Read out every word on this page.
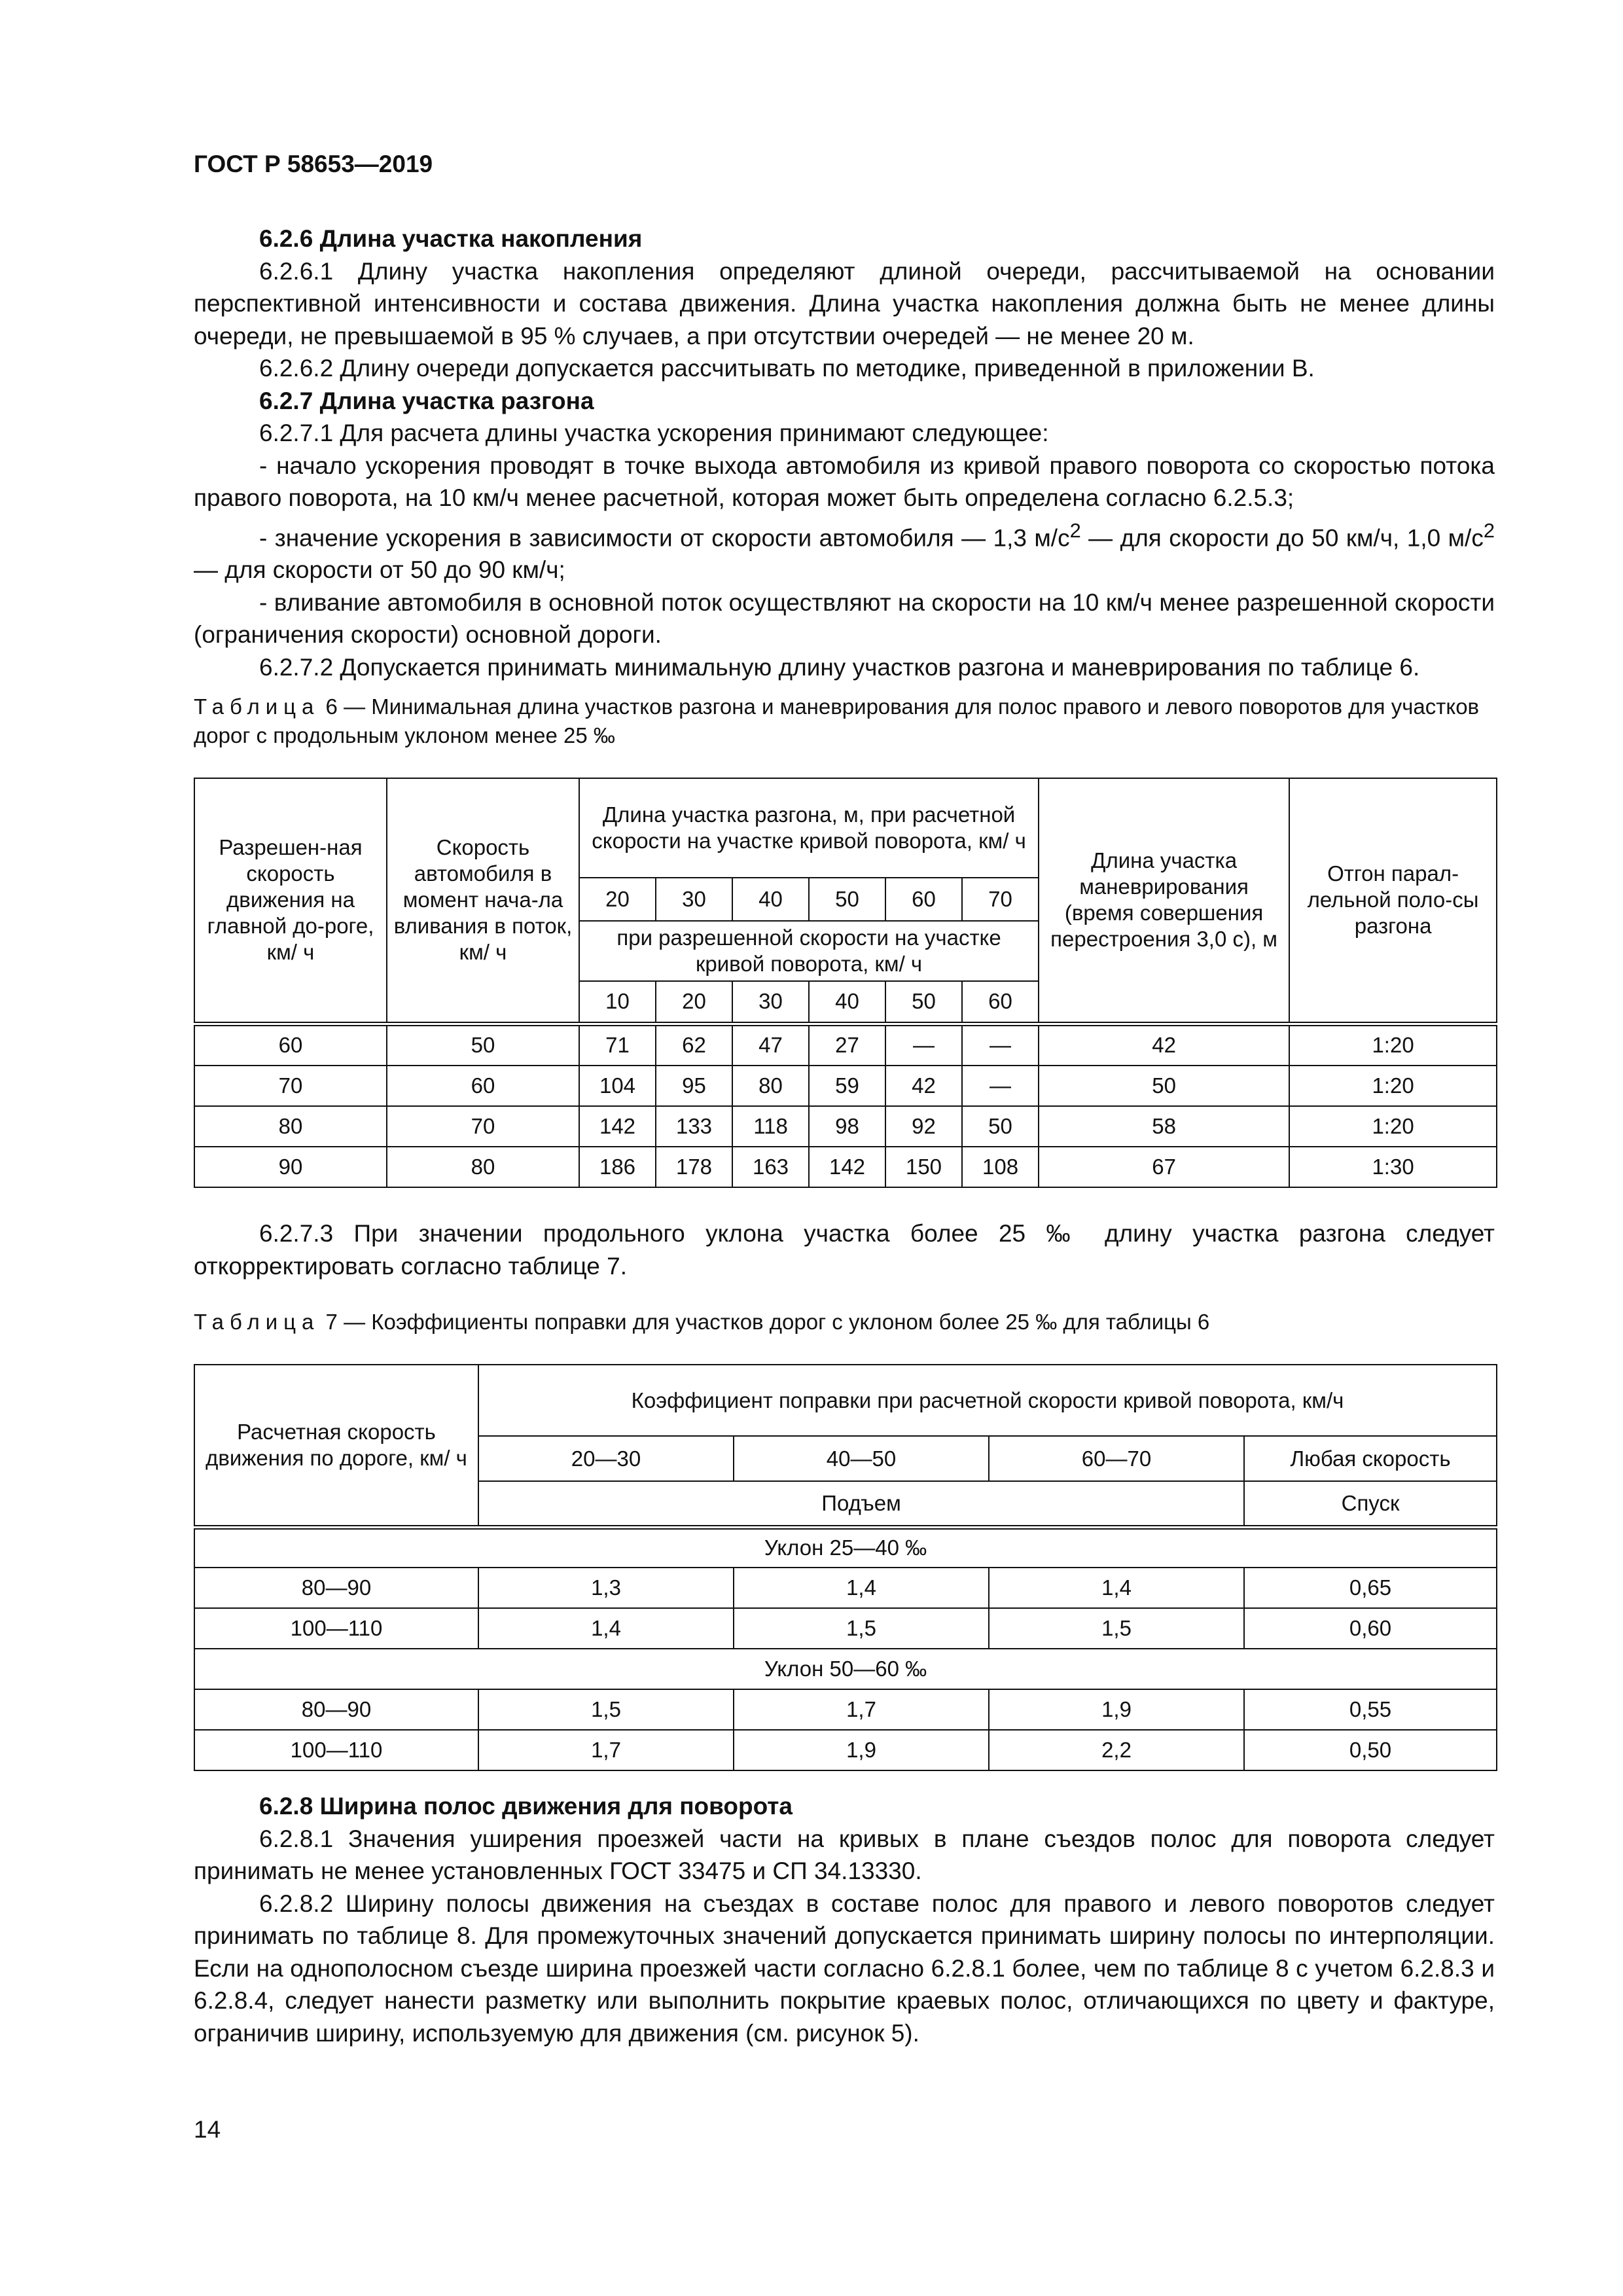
ГОСТ Р 58653—2019

6.2.6 Длина участка накопления

6.2.6.1 Длину участка накопления определяют длиной очереди, рассчитываемой на основании перспективной интенсивности и состава движения. Длина участка накопления должна быть не менее длины очереди, не превышаемой в 95 % случаев, а при отсутствии очередей — не менее 20 м.

6.2.6.2 Длину очереди допускается рассчитывать по методике, приведенной в приложении В.

6.2.7 Длина участка разгона

6.2.7.1 Для расчета длины участка ускорения принимают следующее:

- начало ускорения проводят в точке выхода автомобиля из кривой правого поворота со скоростью потока правого поворота, на 10 км/ч менее расчетной, которая может быть определена согласно 6.2.5.3;

- значение ускорения в зависимости от скорости автомобиля — 1,3 $м/с^2$ — для скорости до 50 км/ч, 1,0 $м/с^2$ — для скорости от 50 до 90 км/ч;

- вливание автомобиля в основной поток осуществляют на скорости на 10 км/ч менее разрешенной скорости (ограничения скорости) основной дороги.

6.2.7.2 Допускается принимать минимальную длину участков разгона и маневрирования по таблице 6.

Таблица 6 — Минимальная длина участков разгона и маневрирования для полос правого и левого поворотов для участков дорог с продольным уклоном менее 25 ‰
Разрешен-ная скорость движения на главной до-роге, км/ ч	Скорость автомобиля в момент нача-ла вливания в поток, км/ ч	Длина участка разгона, м, при расчетной скорости на участке кривой поворота, км/ ч						Длина участка маневрирования (время совершения перестроения 3,0 с), м	Отгон парал-лельной поло-сы разгона
		20	30	40	50	60	70		
		при разрешенной скорости на участке кривой поворота, км/ ч							
		10	20	30	40	50	60		
60	50	71	62	47	27	—	—	42	1:20
70	60	104	95	80	59	42	—	50	1:20
80	70	142	133	118	98	92	50	58	1:20
90	80	186	178	163	142	150	108	67	1:30

6.2.7.3 При значении продольного уклона участка более 25 ‰ длину участка разгона следует откорректировать согласно таблице 7.

Таблица 7 — Коэффициенты поправки для участков дорог с уклоном более 25 ‰ для таблицы 6
Расчетная скорость движения по дороге, км/ ч	Коэффициент поправки при расчетной скорости кривой поворота, км/ч			
	20—30	40—50	60—70	Любая скорость
	Подъем			Спуск
Уклон 25—40 ‰				
80—90	1,3	1,4	1,4	0,65
100—110	1,4	1,5	1,5	0,60
Уклон 50—60 ‰				
80—90	1,5	1,7	1,9	0,55
100—110	1,7	1,9	2,2	0,50

6.2.8 Ширина полос движения для поворота

6.2.8.1 Значения уширения проезжей части на кривых в плане съездов полос для поворота следует принимать не менее установленных ГОСТ 33475 и СП 34.13330.

6.2.8.2 Ширину полосы движения на съездах в составе полос для правого и левого поворотов следует принимать по таблице 8. Для промежуточных значений допускается принимать ширину полосы по интерполяции. Если на однополосном съезде ширина проезжей части согласно 6.2.8.1 более, чем по таблице 8 с учетом 6.2.8.3 и 6.2.8.4, следует нанести разметку или выполнить покрытие краевых полос, отличающихся по цвету и фактуре, ограничив ширину, используемую для движения (см. рисунок 5).

14
